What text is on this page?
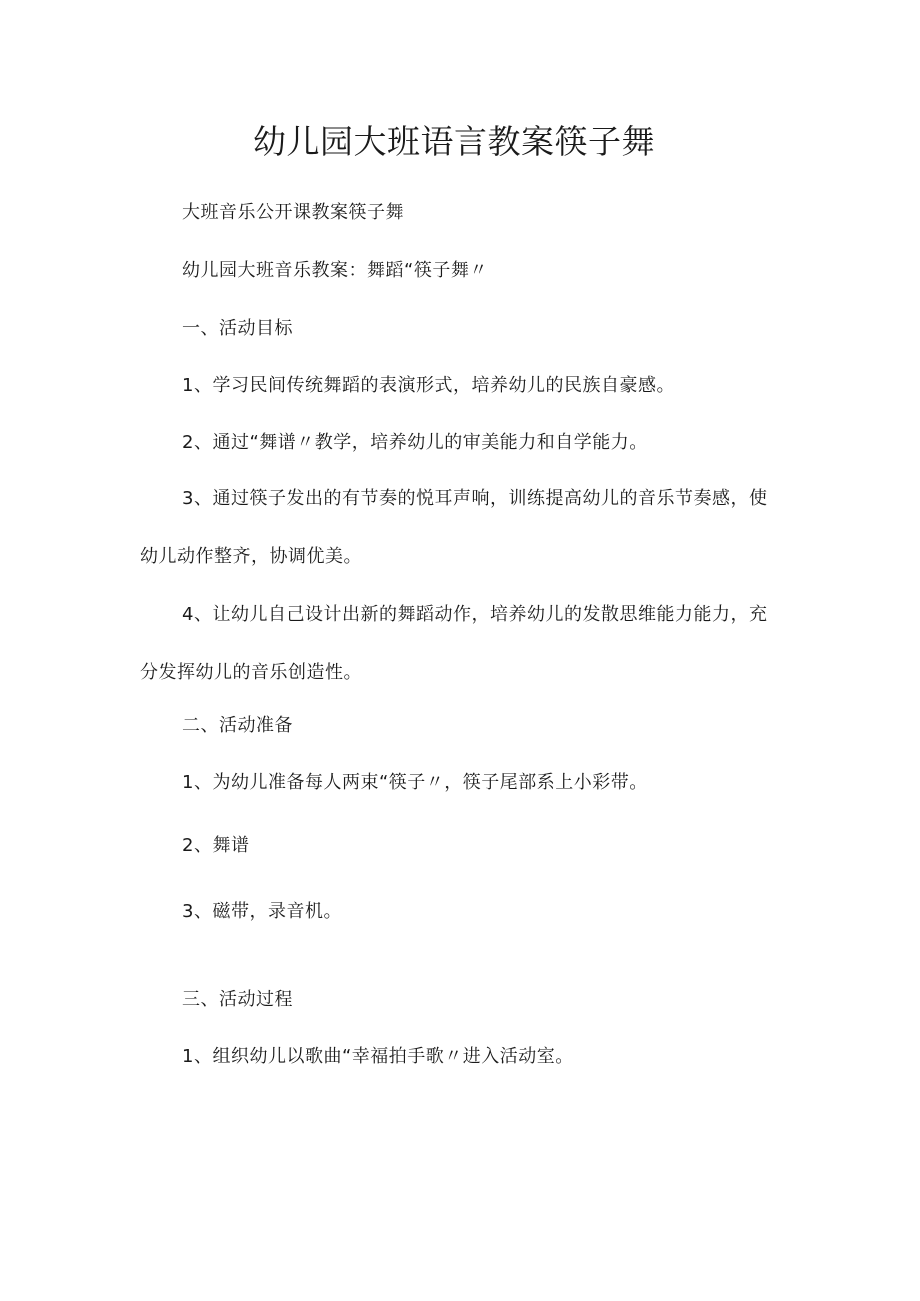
幼儿园大班语言教案筷子舞
大班音乐公开课教案筷子舞
幼儿园大班音乐教案：舞蹈“筷子舞〃
一、活动目标
1、学习民间传统舞蹈的表演形式，培养幼儿的民族自豪感。
2、通过“舞谱〃教学，培养幼儿的审美能力和自学能力。
3、通过筷子发出的有节奏的悦耳声响，训练提高幼儿的音乐节奏感，使幼儿动作整齐，协调优美。
4、让幼儿自己设计出新的舞蹈动作，培养幼儿的发散思维能力能力，充分发挥幼儿的音乐创造性。
二、活动准备
1、为幼儿准备每人两束“筷子〃，筷子尾部系上小彩带。
2、舞谱
3、磁带，录音机。
三、活动过程
1、组织幼儿以歌曲“幸福拍手歌〃进入活动室。
